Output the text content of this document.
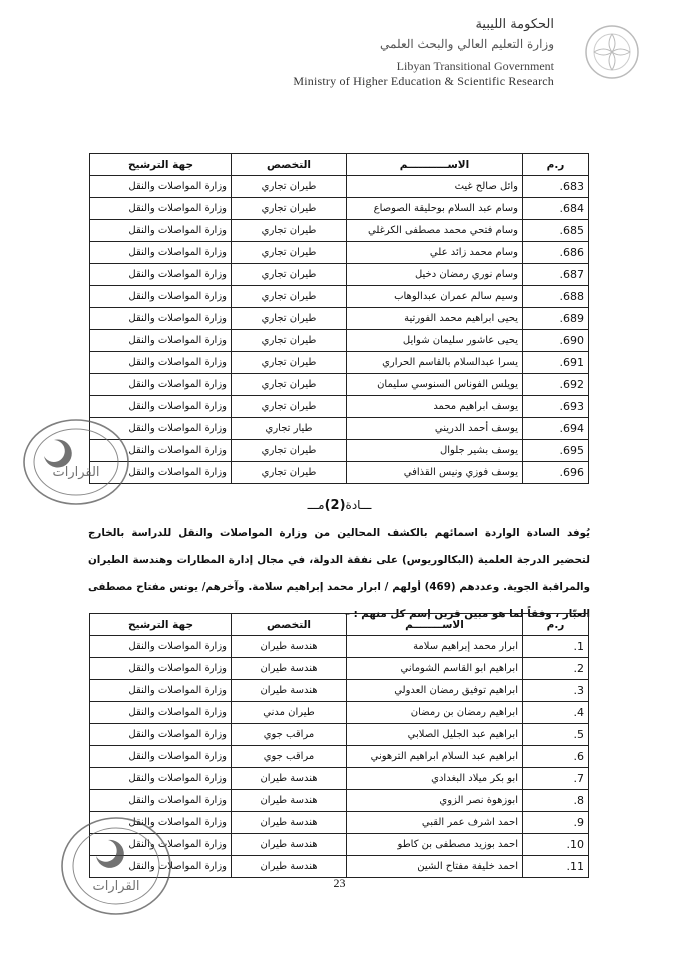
الحكومة الليبية
وزارة التعليم العالي والبحث العلمي
Libyan Transitional Government
Ministry of Higher Education & Scientific Research
ر.م	الاســـــــــــم	التخصص	جهة الترشيح
.683	وائل صالح غيث	طيران تجاري	وزارة المواصلات والنقل
.684	وسام عبد السلام بوحليقة الصوصاع	طيران تجاري	وزارة المواصلات والنقل
.685	وسام فتحي محمد مصطفى الكرغلي	طيران تجاري	وزارة المواصلات والنقل
.686	وسام محمد زائد علي	طيران تجاري	وزارة المواصلات والنقل
.687	وسام نوري رمضان دخيل	طيران تجاري	وزارة المواصلات والنقل
.688	وسيم سالم عمران عبدالوهاب	طيران تجاري	وزارة المواصلات والنقل
.689	يحيى ابراهيم محمد الفورتية	طيران تجاري	وزارة المواصلات والنقل
.690	يحيى عاشور سليمان شوايل	طيران تجاري	وزارة المواصلات والنقل
.691	يسرا عبدالسلام بالقاسم الحراري	طيران تجاري	وزارة المواصلات والنقل
.692	يويلس الفوناس السنوسي سليمان	طيران تجاري	وزارة المواصلات والنقل
.693	يوسف ابراهيم محمد	طيران تجاري	وزارة المواصلات والنقل
.694	يوسف أحمد الدريني	طيار تجاري	وزارة المواصلات والنقل
.695	يوسف بشير جلوال	طيران تجاري	وزارة المواصلات والنقل
.696	يوسف فوزي ونيس القذافي	طيران تجاري	وزارة المواصلات والنقل
القرارات
ـــادة(2)مـــ
يُوفد السادة الواردة اسمائهم بالكشف المحالين من وزارة المواصلات والنقل للدراسة بالخارج لتحضير الدرجة العلمية (البكالوريوس) على نفقة الدولة، في مجال إدارة المطارات وهندسة الطيران والمراقبة الجوية. وعددهم (469) أولهم / ابرار محمد إبراهيم سلامة. وآخرهم/ يونس مفتاح مصطفى العبّار ، وفقاً لما هو مبين قرين إسم كل منهم : –
ر.م	الاســــــــم	التخصص	جهة الترشيح
.1	ابرار محمد إبراهيم سلامة	هندسة طيران	وزارة المواصلات والنقل
.2	ابراهيم ابو القاسم الشوماني	هندسة طيران	وزارة المواصلات والنقل
.3	ابراهيم توفيق رمضان العدولي	هندسة طيران	وزارة المواصلات والنقل
.4	ابراهيم رمضان بن رمضان	طيران مدني	وزارة المواصلات والنقل
.5	ابراهيم عبد الجليل الصلابي	مراقب جوي	وزارة المواصلات والنقل
.6	ابراهيم عبد السلام ابراهيم الترهوني	مراقب جوي	وزارة المواصلات والنقل
.7	ابو بكر ميلاد البغدادي	هندسة طيران	وزارة المواصلات والنقل
.8	ابوزهوة نصر الزوي	هندسة طيران	وزارة المواصلات والنقل
.9	احمد اشرف عمر القبي	هندسة طيران	وزارة المواصلات والنقل
.10	احمد بوزيد مصطفى بن كاطو	هندسة طيران	وزارة المواصلات والنقل
.11	احمد خليفة مفتاح الشين	هندسة طيران	وزارة المواصلات والنقل
القرارات	23
